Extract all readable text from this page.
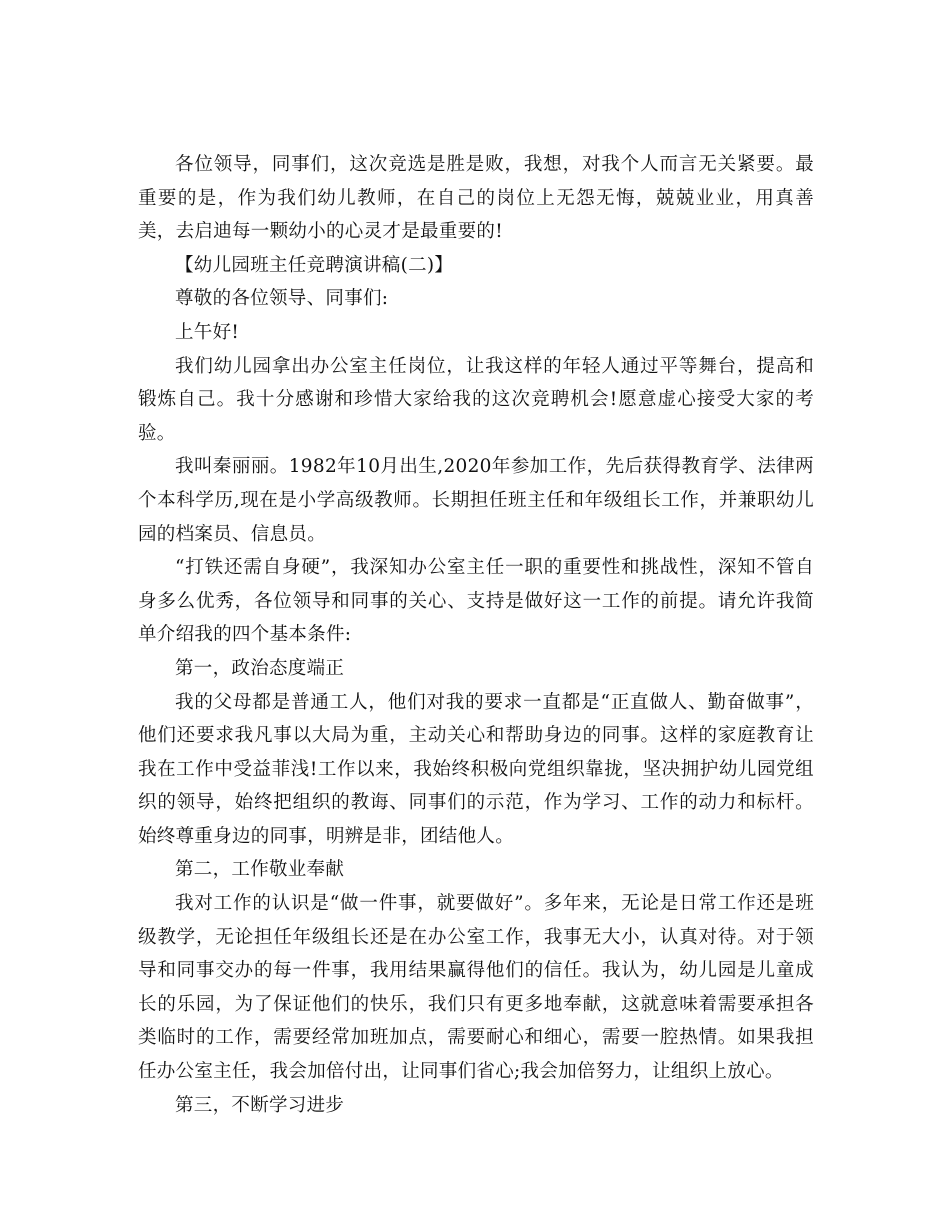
各位领导，同事们，这次竞选是胜是败，我想，对我个人而言无关紧要。最重要的是，作为我们幼儿教师，在自己的岗位上无怨无悔，兢兢业业，用真善美，去启迪每一颗幼小的心灵才是最重要的!

【幼儿园班主任竞聘演讲稿(二)】

尊敬的各位领导、同事们:

上午好!

我们幼儿园拿出办公室主任岗位，让我这样的年轻人通过平等舞台，提高和锻炼自己。我十分感谢和珍惜大家给我的这次竞聘机会!愿意虚心接受大家的考验。

我叫秦丽丽。1982年10月出生,2020年参加工作，先后获得教育学、法律两个本科学历,现在是小学高级教师。长期担任班主任和年级组长工作，并兼职幼儿园的档案员、信息员。

“打铁还需自身硬”，我深知办公室主任一职的重要性和挑战性，深知不管自身多么优秀，各位领导和同事的关心、支持是做好这一工作的前提。请允许我简单介绍我的四个基本条件:

第一，政治态度端正

我的父母都是普通工人，他们对我的要求一直都是“正直做人、勤奋做事”，他们还要求我凡事以大局为重，主动关心和帮助身边的同事。这样的家庭教育让我在工作中受益菲浅!工作以来，我始终积极向党组织靠拢，坚决拥护幼儿园党组织的领导，始终把组织的教诲、同事们的示范，作为学习、工作的动力和标杆。始终尊重身边的同事，明辨是非，团结他人。

第二，工作敬业奉献

我对工作的认识是“做一件事，就要做好”。多年来，无论是日常工作还是班级教学，无论担任年级组长还是在办公室工作，我事无大小，认真对待。对于领导和同事交办的每一件事，我用结果赢得他们的信任。我认为，幼儿园是儿童成长的乐园，为了保证他们的快乐，我们只有更多地奉献，这就意味着需要承担各类临时的工作，需要经常加班加点，需要耐心和细心，需要一腔热情。如果我担任办公室主任，我会加倍付出，让同事们省心;我会加倍努力，让组织上放心。

第三，不断学习进步
